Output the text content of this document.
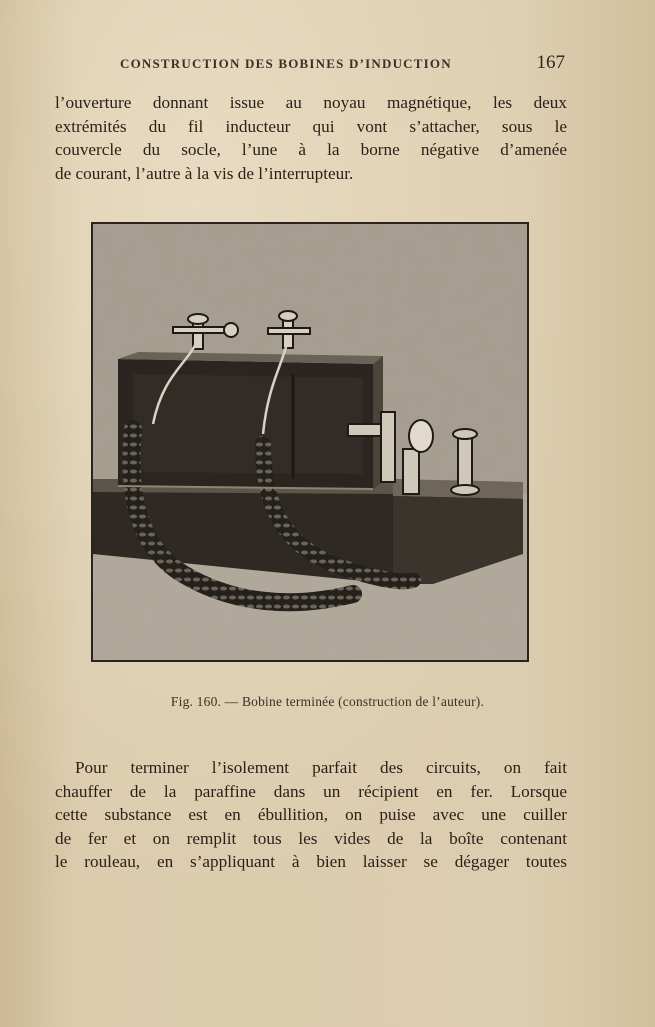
CONSTRUCTION DES BOBINES D’INDUCTION	167
l’ouverture donnant issue au noyau magnétique, les deux
extrémités du fil inducteur qui vont s’attacher, sous le
couvercle du socle, l’une à la borne négative d’amenée
de courant, l’autre à la vis de l’interrupteur.
Fig. 160. — Bobine terminée (construction de l’auteur).
Pour terminer l’isolement parfait des circuits, on fait
chauffer de la paraffine dans un récipient en fer. Lorsque
cette substance est en ébullition, on puise avec une cuiller
de fer et on remplit tous les vides de la boîte contenant
le rouleau, en s’appliquant à bien laisser se dégager toutes
